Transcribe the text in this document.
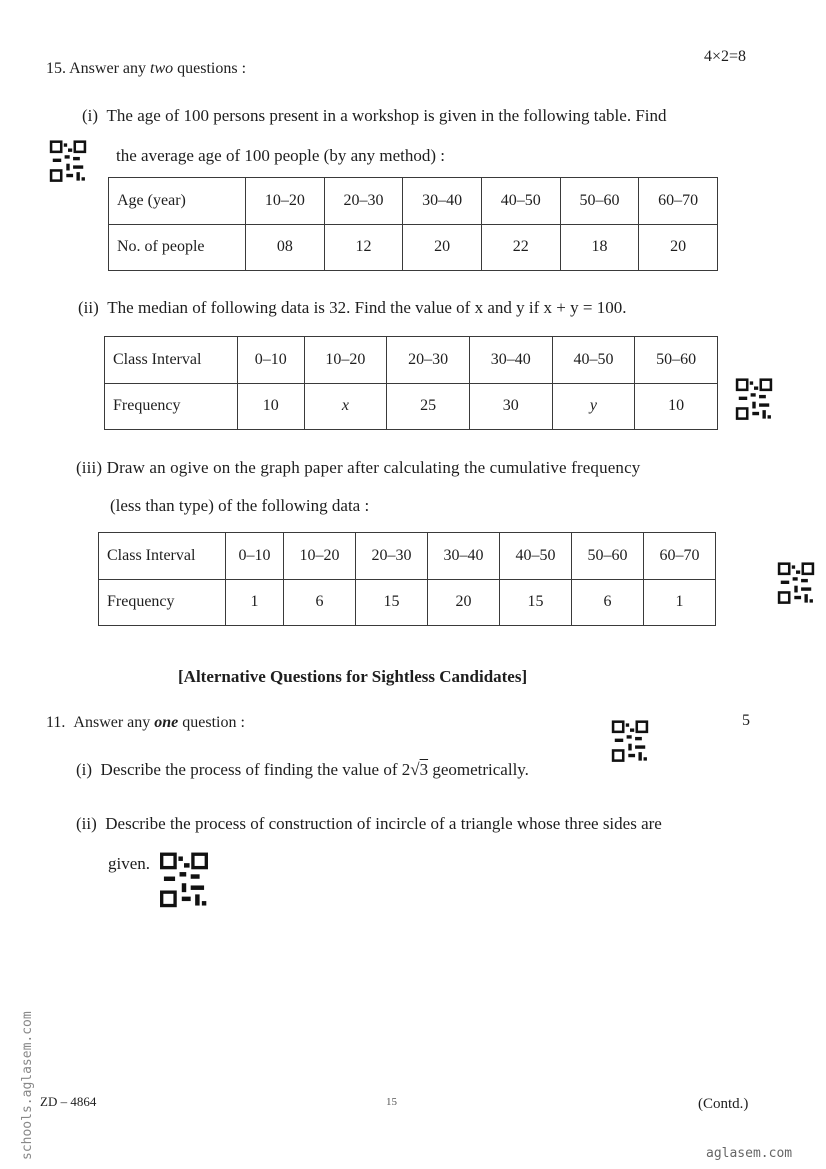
15. Answer any two questions :
4×2=8
(i) The age of 100 persons present in a workshop is given in the following table. Find
the average age of 100 people (by any method) :
Age (year)	10–20	20–30	30–40	40–50	50–60	60–70
No. of people	08	12	20	22	18	20
(ii) The median of following data is 32. Find the value of x and y if x + y = 100.
Class Interval	0–10	10–20	20–30	30–40	40–50	50–60
Frequency	10	x	25	30	y	10
(iii) Draw an ogive on the graph paper after calculating the cumulative frequency
(less than type) of the following data :
Class Interval	0–10	10–20	20–30	30–40	40–50	50–60	60–70
Frequency	1	6	15	20	15	6	1
[Alternative Questions for Sightless Candidates]
11. Answer any one question :	5
(i) Describe the process of finding the value of 2√3 geometrically.
(ii) Describe the process of construction of incircle of a triangle whose three sides are
given.
ZD – 4864	15	(Contd.)
aglasem.com
schools.aglasem.com
